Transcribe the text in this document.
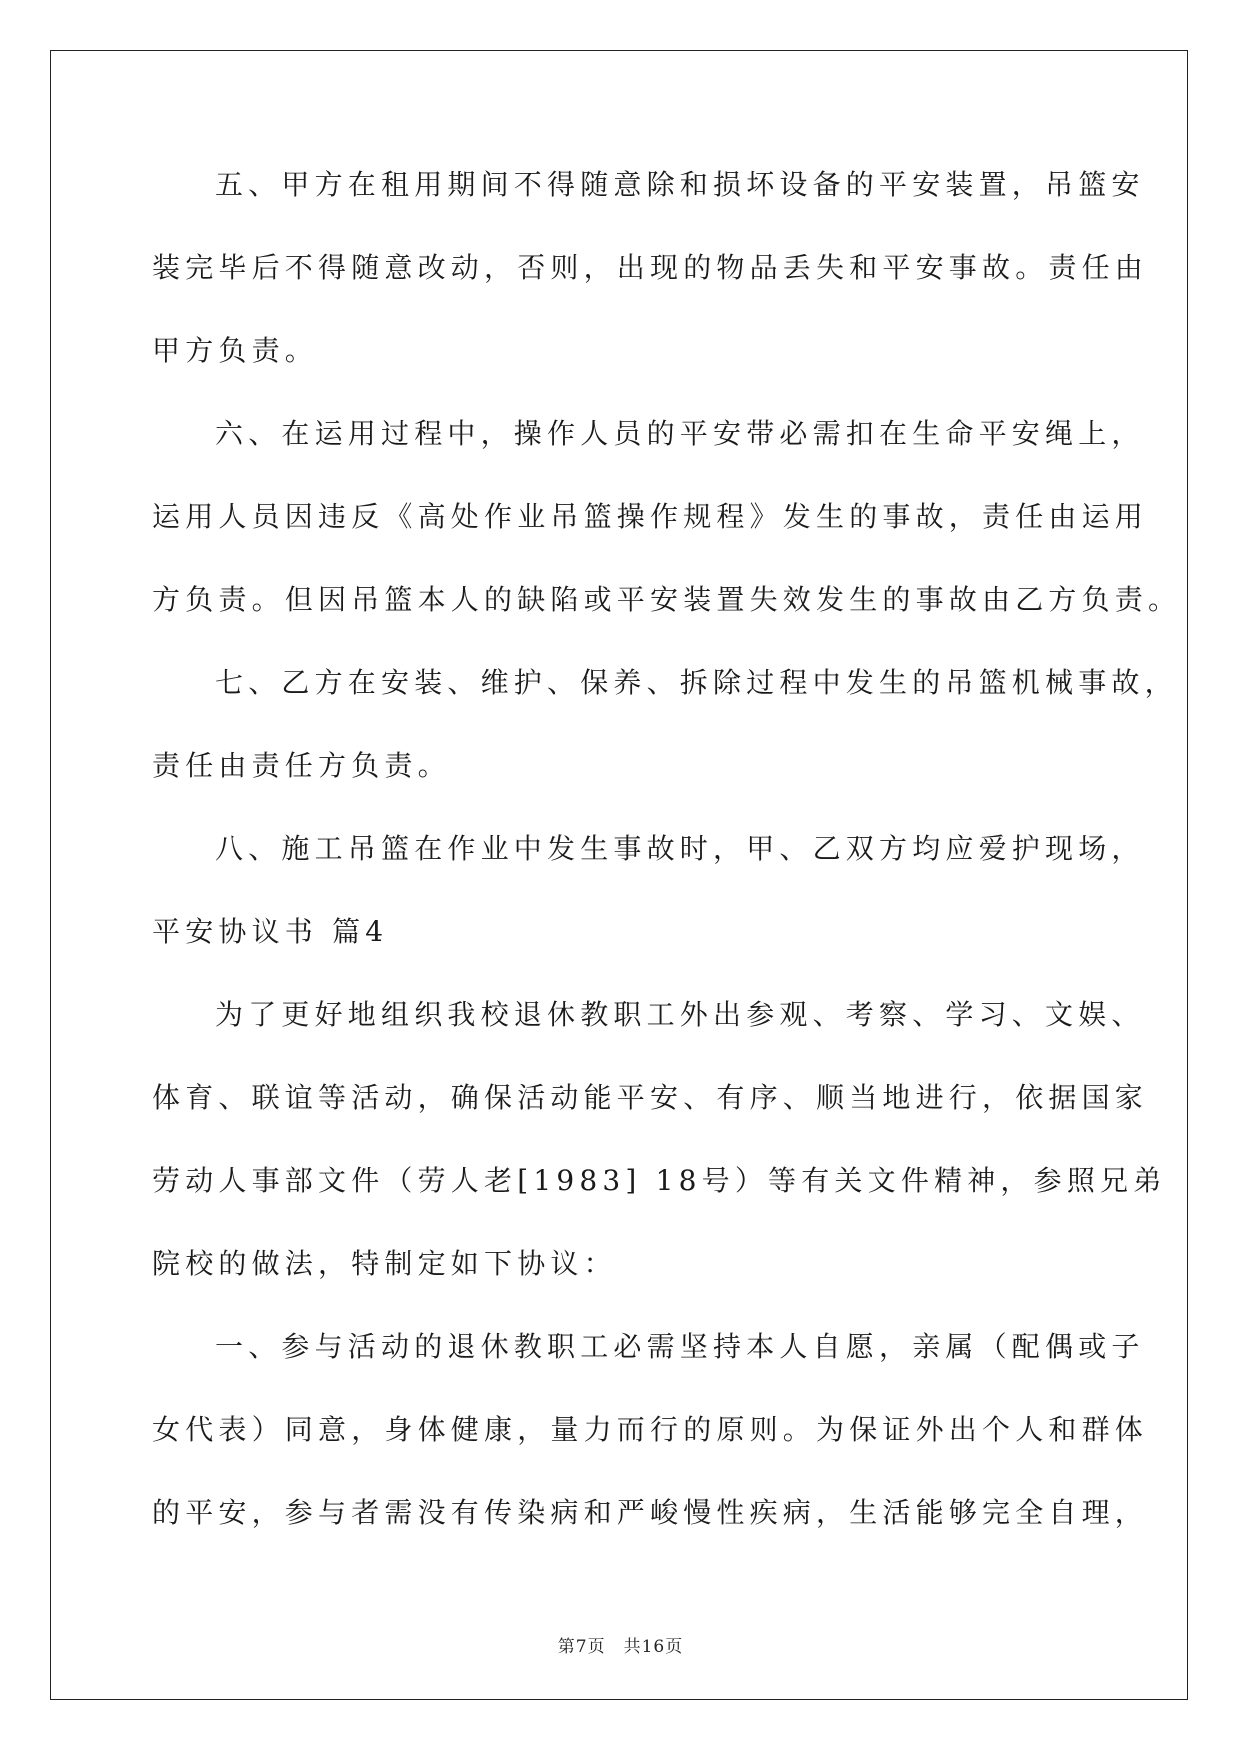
五、甲方在租用期间不得随意除和损坏设备的平安装置，吊篮安

装完毕后不得随意改动，否则，出现的物品丢失和平安事故。责任由

甲方负责。

六、在运用过程中，操作人员的平安带必需扣在生命平安绳上，

运用人员因违反《高处作业吊篮操作规程》发生的事故，责任由运用

方负责。但因吊篮本人的缺陷或平安装置失效发生的事故由乙方负责。

七、乙方在安装、维护、保养、拆除过程中发生的吊篮机械事故，

责任由责任方负责。

八、施工吊篮在作业中发生事故时，甲、乙双方均应爱护现场，

平安协议书 篇4

为了更好地组织我校退休教职工外出参观、考察、学习、文娱、

体育、联谊等活动，确保活动能平安、有序、顺当地进行，依据国家

劳动人事部文件（劳人老[1983] 18号）等有关文件精神，参照兄弟

院校的做法，特制定如下协议：

一、参与活动的退休教职工必需坚持本人自愿，亲属（配偶或子

女代表）同意，身体健康，量力而行的原则。为保证外出个人和群体

的平安，参与者需没有传染病和严峻慢性疾病，生活能够完全自理，

第7页　共16页
